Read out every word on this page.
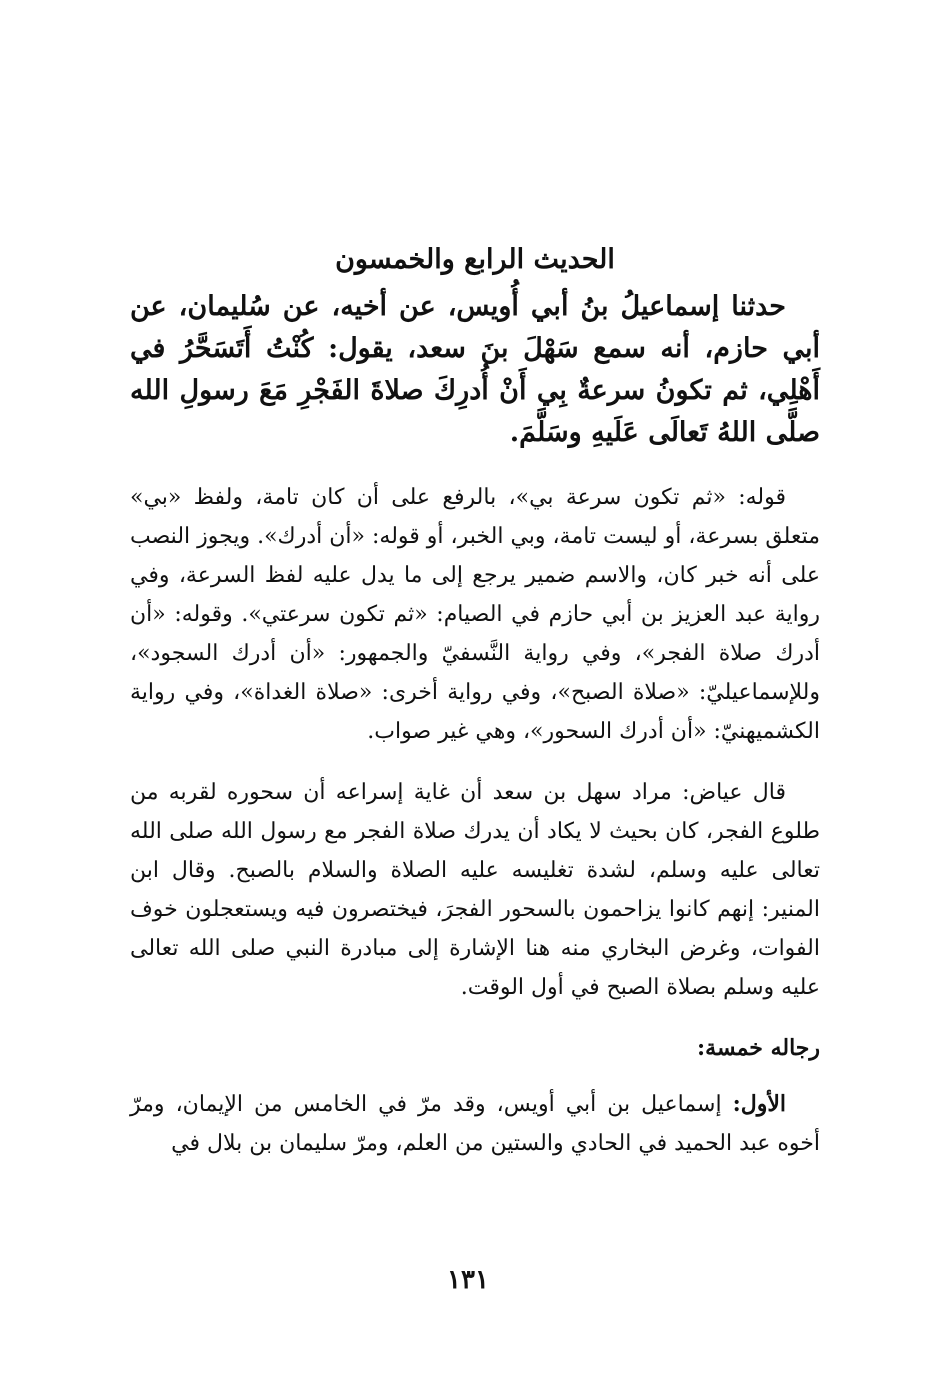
الحديث الرابع والخمسون

حدثنا إسماعيلُ بنُ أبي أُويس، عن أخيه، عن سُليمان، عن أبي حازم، أنه سمع سَهْلَ بنَ سعد، يقول: كُنْتُ أَتَسَحَّرُ في أَهْلِي، ثم تكونُ سرعةٌ بِي أَنْ أُدرِكَ صلاةَ الفَجْرِ مَعَ رسولِ الله صلَّى اللهُ تَعالَى عَلَيهِ وسَلَّمَ.

قوله: «ثم تكون سرعة بي»، بالرفع على أن كان تامة، ولفظ «بي» متعلق بسرعة، أو ليست تامة، وبي الخبر، أو قوله: «أن أدرك». ويجوز النصب على أنه خبر كان، والاسم ضمير يرجع إلى ما يدل عليه لفظ السرعة، وفي رواية عبد العزيز بن أبي حازم في الصيام: «ثم تكون سرعتي». وقوله: «أن أدرك صلاة الفجر»، وفي رواية النَّسفيّ والجمهور: «أن أدرك السجود»، وللإسماعيليّ: «صلاة الصبح»، وفي رواية أخرى: «صلاة الغداة»، وفي رواية الكشميهنيّ: «أن أدرك السحور»، وهي غير صواب.

قال عياض: مراد سهل بن سعد أن غاية إسراعه أن سحوره لقربه من طلوع الفجر، كان بحيث لا يكاد أن يدرك صلاة الفجر مع رسول الله صلى الله تعالى عليه وسلم، لشدة تغليسه عليه الصلاة والسلام بالصبح. وقال ابن المنير: إنهم كانوا يزاحمون بالسحور الفجرَ، فيختصرون فيه ويستعجلون خوف الفوات، وغرض البخاري منه هنا الإشارة إلى مبادرة النبي صلى الله تعالى عليه وسلم بصلاة الصبح في أول الوقت.

رجاله خمسة:

الأول: إسماعيل بن أبي أويس، وقد مرّ في الخامس من الإيمان، ومرّ أخوه عبد الحميد في الحادي والستين من العلم، ومرّ سليمان بن بلال في

١٣١
